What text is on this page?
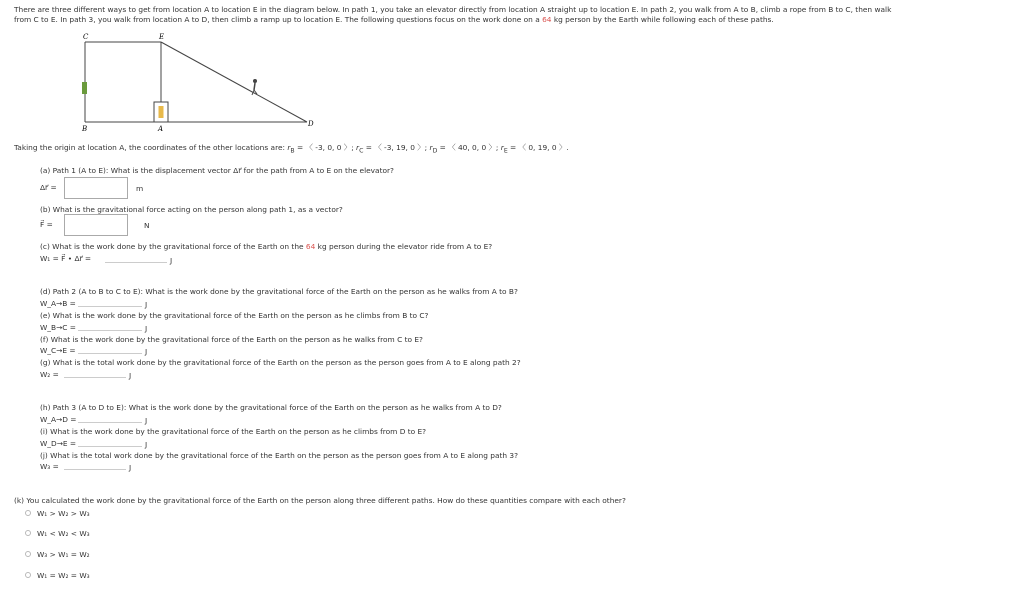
There are three different ways to get from location A to location E in the diagram below. In path 1, you take an elevator directly from location A straight up to location E. In path 2, you walk from A to B, climb a rope from B to C, then walk
from C to E. In path 3, you walk from location A to D, then climb a ramp up to location E. The following questions focus on the work done on a 64 kg person by the Earth while following each of these paths.
C	E
B	A
D
Taking the origin at location A, the coordinates of the other locations are: $r_B$ = 〈 -3, 0, 0 〉; $r_C$ = 〈 -3, 19, 0 〉; $r_D$ = 〈 40, 0, 0 〉; $r_E$ = 〈 0, 19, 0 〉.
(a) Path 1 (A to E): What is the displacement vector Δr⃗ for the path from A to E on the elevator?
Δr⃗ =	m
(b) What is the gravitational force acting on the person along path 1, as a vector?
F⃗ =	N
(c) What is the work done by the gravitational force of the Earth on the 64 kg person during the elevator ride from A to E?
W₁ = F⃗ • Δr⃗ =	J
(d) Path 2 (A to B to C to E): What is the work done by the gravitational force of the Earth on the person as he walks from A to B?
W_A→B =	J
(e) What is the work done by the gravitational force of the Earth on the person as he climbs from B to C?
W_B→C =	J
(f) What is the work done by the gravitational force of the Earth on the person as he walks from C to E?
W_C→E =	J
(g) What is the total work done by the gravitational force of the Earth on the person as the person goes from A to E along path 2?
W₂ =	J
(h) Path 3 (A to D to E): What is the work done by the gravitational force of the Earth on the person as he walks from A to D?
W_A→D =	J
(i) What is the work done by the gravitational force of the Earth on the person as he climbs from D to E?
W_D→E =	J
(j) What is the total work done by the gravitational force of the Earth on the person as the person goes from A to E along path 3?
W₃ =	J
(k) You calculated the work done by the gravitational force of the Earth on the person along three different paths. How do these quantities compare with each other?
W₁ > W₂ > W₃
W₁ < W₂ < W₃
W₃ > W₁ = W₂
W₁ = W₂ = W₃
